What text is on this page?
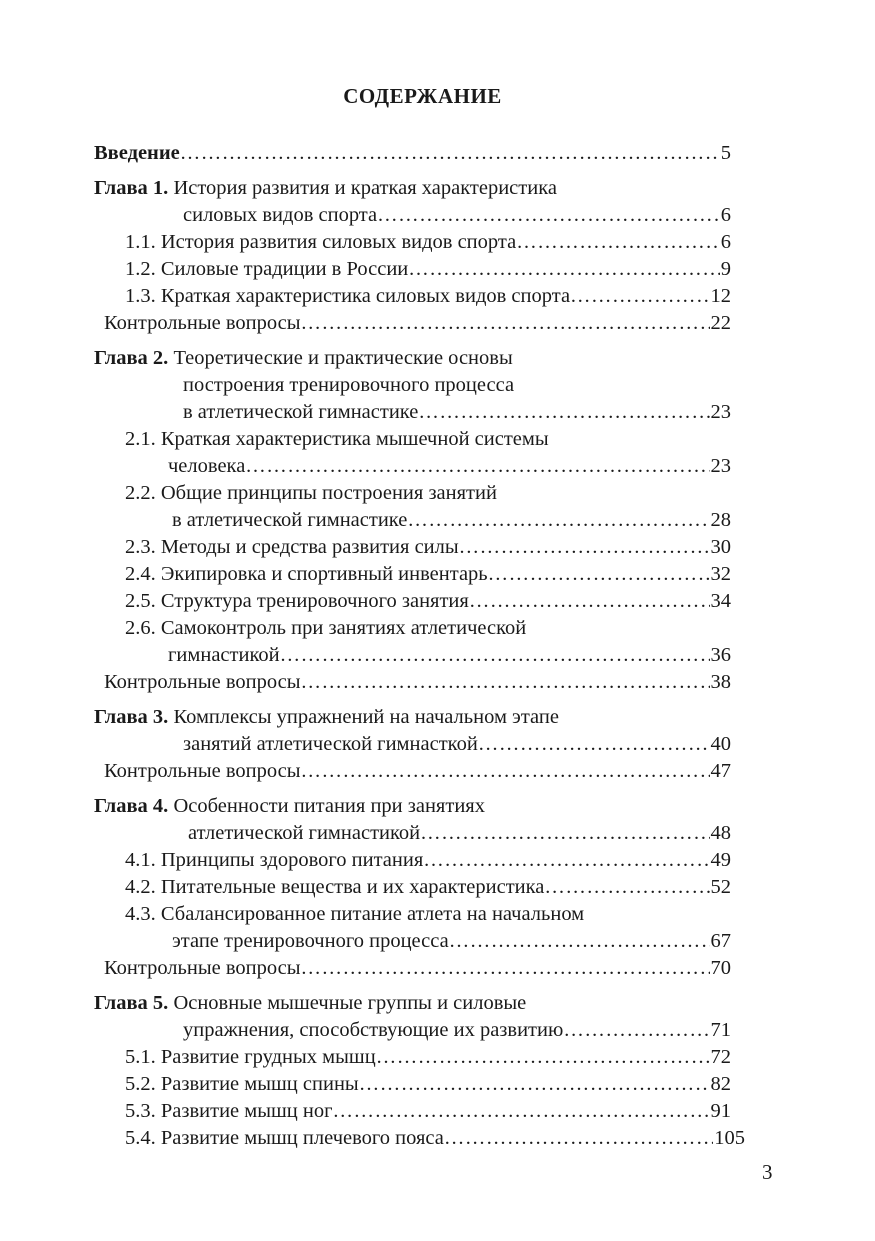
СОДЕРЖАНИЕ
Введение ……………………………………………………………………………………………………………………………………………………………………	5
Глава 1. История развития и краткая характеристика
силовых видов спорта ……………………………………………………………………………………………………………………………………………………………………	6
1.1. История развития силовых видов спорта ……………………………………………………………………………………………………………………………………………………………………	6
1.2. Силовые традиции в России ……………………………………………………………………………………………………………………………………………………………………	9
1.3. Краткая характеристика силовых видов спорта ……………………………………………………………………………………………………………………………………………………………………	12
Контрольные вопросы ……………………………………………………………………………………………………………………………………………………………………	22
Глава 2. Теоретические и практические основы
построения тренировочного процесса
в атлетической гимнастике ……………………………………………………………………………………………………………………………………………………………………	23
2.1. Краткая характеристика мышечной системы
человека ……………………………………………………………………………………………………………………………………………………………………	23
2.2. Общие принципы построения занятий
в атлетической гимнастике ……………………………………………………………………………………………………………………………………………………………………	28
2.3. Методы и средства развития силы ……………………………………………………………………………………………………………………………………………………………………	30
2.4. Экипировка и спортивный инвентарь ……………………………………………………………………………………………………………………………………………………………………	32
2.5. Структура тренировочного занятия ……………………………………………………………………………………………………………………………………………………………………	34
2.6. Самоконтроль при занятиях атлетической
гимнастикой ……………………………………………………………………………………………………………………………………………………………………	36
Контрольные вопросы ……………………………………………………………………………………………………………………………………………………………………	38
Глава 3. Комплексы упражнений на начальном этапе
занятий атлетической гимнасткой ……………………………………………………………………………………………………………………………………………………………………	40
Контрольные вопросы ……………………………………………………………………………………………………………………………………………………………………	47
Глава 4. Особенности питания при занятиях
атлетической гимнастикой ……………………………………………………………………………………………………………………………………………………………………	48
4.1. Принципы здорового питания ……………………………………………………………………………………………………………………………………………………………………	49
4.2. Питательные вещества и их характеристика ……………………………………………………………………………………………………………………………………………………………………	52
4.3. Сбалансированное питание атлета на начальном
этапе тренировочного процесса ……………………………………………………………………………………………………………………………………………………………………	67
Контрольные вопросы ……………………………………………………………………………………………………………………………………………………………………	70
Глава 5. Основные мышечные группы и силовые
упражнения, способствующие их развитию ……………………………………………………………………………………………………………………………………………………………………	71
5.1. Развитие грудных мышц ……………………………………………………………………………………………………………………………………………………………………	72
5.2. Развитие мышц спины ……………………………………………………………………………………………………………………………………………………………………	82
5.3. Развитие мышц ног ……………………………………………………………………………………………………………………………………………………………………	91
5.4. Развитие мышц плечевого пояса ……………………………………………………………………………………………………………………………………………………………………	105
3
